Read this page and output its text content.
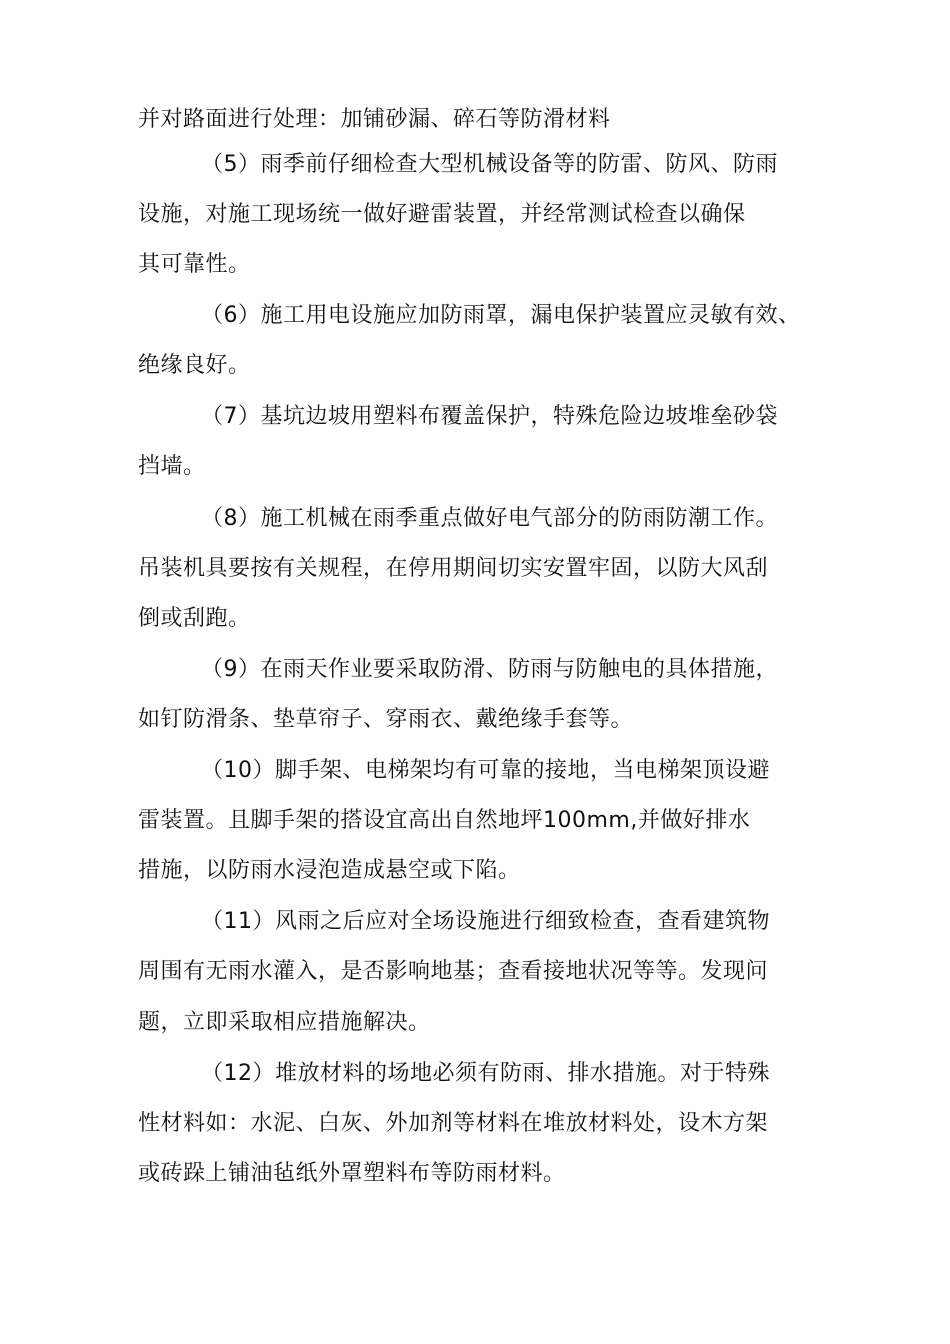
并对路面进行处理：加铺砂漏、碎石等防滑材料
（5）雨季前仔细检查大型机械设备等的防雷、防风、防雨
设施，对施工现场统一做好避雷装置，并经常测试检查以确保
其可靠性。
（6）施工用电设施应加防雨罩，漏电保护装置应灵敏有效、
绝缘良好。
（7）基坑边坡用塑料布覆盖保护，特殊危险边坡堆垒砂袋
挡墙。
（8）施工机械在雨季重点做好电气部分的防雨防潮工作。
吊装机具要按有关规程，在停用期间切实安置牢固，以防大风刮
倒或刮跑。
（9）在雨天作业要采取防滑、防雨与防触电的具体措施，
如钉防滑条、垫草帘子、穿雨衣、戴绝缘手套等。
（10）脚手架、电梯架均有可靠的接地，当电梯架顶设避
雷装置。且脚手架的搭设宜高出自然地坪100mm,并做好排水
措施，以防雨水浸泡造成悬空或下陷。
（11）风雨之后应对全场设施进行细致检查，查看建筑物
周围有无雨水灌入，是否影响地基；查看接地状况等等。发现问
题，立即采取相应措施解决。
（12）堆放材料的场地必须有防雨、排水措施。对于特殊
性材料如：水泥、白灰、外加剂等材料在堆放材料处，设木方架
或砖跺上铺油毡纸外罩塑料布等防雨材料。
